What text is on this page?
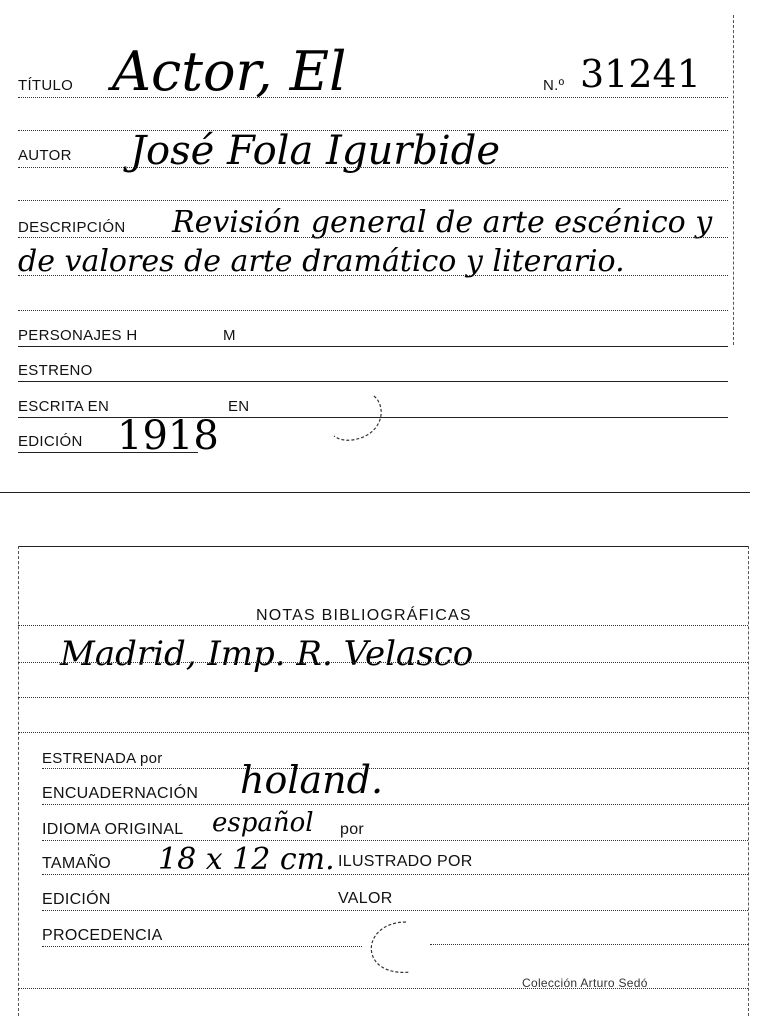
TÍTULO Actor, El	N.º 31241
AUTOR José Fola Igurbide
DESCRIPCIÓN Revisión general de arte escénico y
de valores de arte dramático y literario.
PERSONAJES H	M
ESTRENO
ESCRITA EN	EN
EDICIÓN 1918
NOTAS BIBLIOGRÁFICAS
Madrid, Imp. R. Velasco
ESTRENADA por
ENCUADERNACIÓN holand.
IDIOMA ORIGINAL español por
TAMAÑO 18 x 12 cm. ILUSTRADO POR
EDICIÓN	VALOR
PROCEDENCIA
Colección Arturo Sedó
